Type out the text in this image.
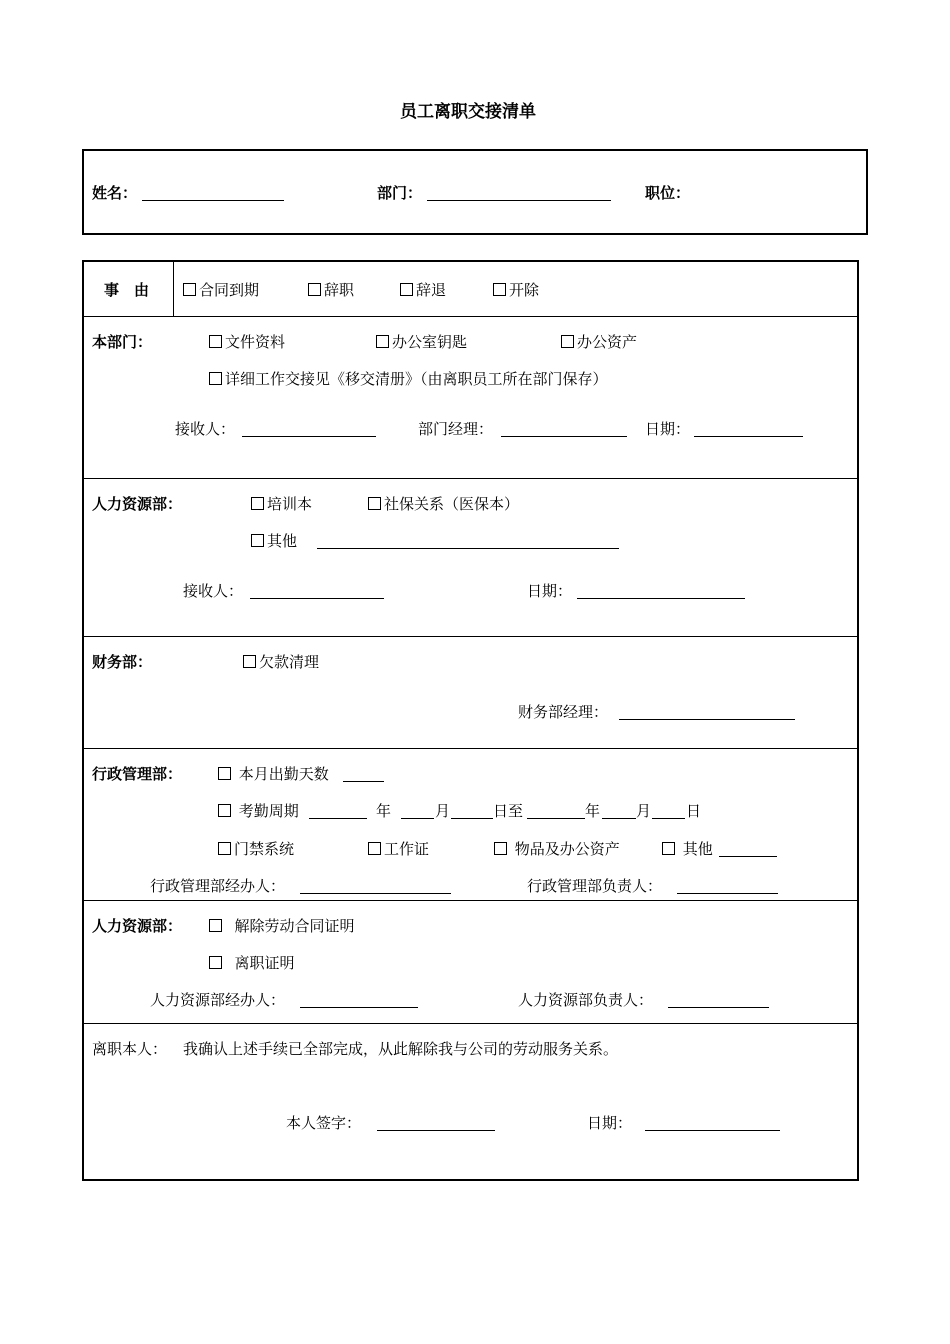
员工离职交接清单
姓名：	部门：	职位：
事　由	合同到期	辞职	辞退	开除
本部门：	文件资料	办公室钥匙	办公资产
详细工作交接见《移交清册》（由离职员工所在部门保存）
接收人：	部门经理：	日期：
人力资源部：	培训本	社保关系（医保本）
其他
接收人：	日期：
财务部：	欠款清理
财务部经理：
行政管理部：	本月出勤天数
考勤周期	年	月	日至	年 月 日
门禁系统	工作证	物品及办公资产	其他
行政管理部经办人：	行政管理部负责人：
人力资源部：	解除劳动合同证明
离职证明
人力资源部经办人：	人力资源部负责人：
离职本人： 我确认上述手续已全部完成，从此解除我与公司的劳动服务关系。
本人签字：	日期：
